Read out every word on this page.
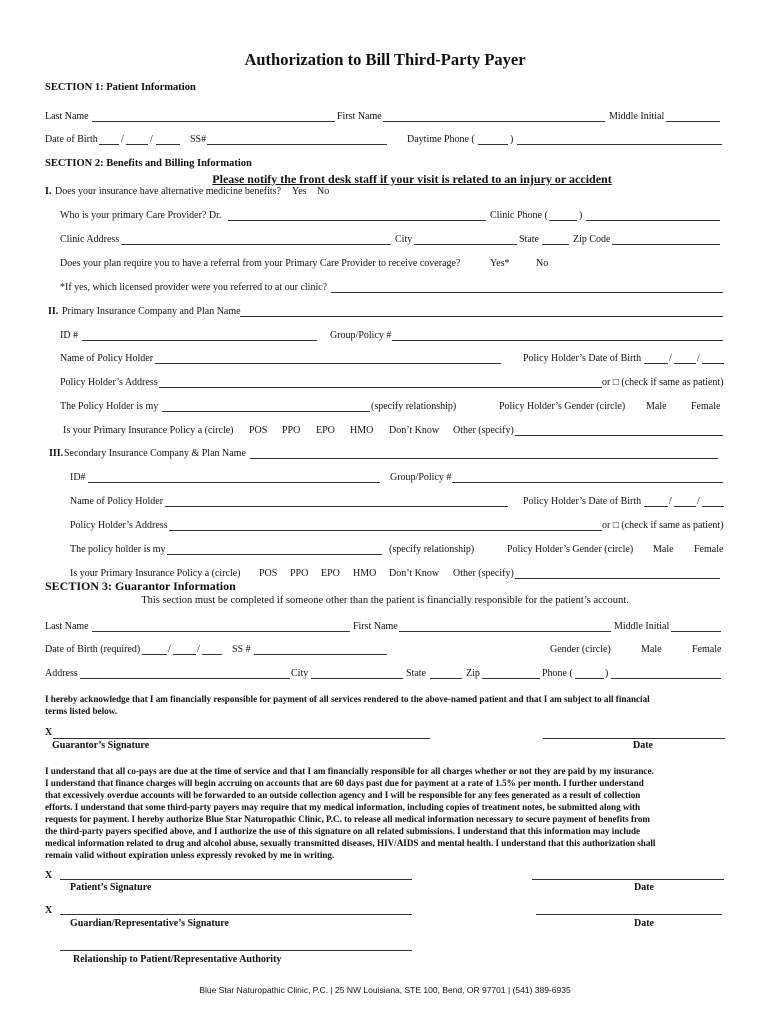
Authorization to Bill Third-Party Payer
SECTION 1: Patient Information
Last Name	First Name	Middle Initial
Date of Birth /	/	SS#	Daytime Phone (	)
SECTION 2: Benefits and Billing Information
Please notify the front desk staff if your visit is related to an injury or accident
I. Does your insurance have alternative medicine benefits? Yes No
Who is your primary Care Provider? Dr.	Clinic Phone (	)
Clinic Address	City	State	Zip Code
Does your plan require you to have a referral from your Primary Care Provider to receive coverage?	Yes*	No
*If yes, which licensed provider were you referred to at our clinic?
II. Primary Insurance Company and Plan Name
ID #	Group/Policy #
Name of Policy Holder	Policy Holder’s Date of Birth	/	/
Policy Holder’s Address	or □ (check if same as patient)
The Policy Holder is my	(specify relationship)	Policy Holder’s Gender (circle) Male Female
Is your Primary Insurance Policy a (circle) POS PPO EPO HMO Don’t Know Other (specify)
III. Secondary Insurance Company & Plan Name
ID#	Group/Policy #
Name of Policy Holder	Policy Holder’s Date of Birth	/	/
Policy Holder’s Address	or □ (check if same as patient)
The policy holder is my	(specify relationship)	Policy Holder’s Gender (circle) Male Female
Is your Primary Insurance Policy a (circle) POS PPO EPO HMO Don’t Know Other (specify)
SECTION 3: Guarantor Information
This section must be completed if someone other than the patient is financially responsible for the patient’s account.
Last Name	First Name	Middle Initial
Date of Birth (required)	/	/	SS #	Gender (circle)	Male	Female
Address	City	State	Zip	Phone (	)
I hereby acknowledge that I am financially responsible for payment of all services rendered to the above-named patient and that I am subject to all financial
terms listed below.
X
Guarantor’s Signature	Date
I understand that all co-pays are due at the time of service and that I am financially responsible for all charges whether or not they are paid by my insurance.
I understand that finance charges will begin accruing on accounts that are 60 days past due for payment at a rate of 1.5% per month. I further understand
that excessively overdue accounts will be forwarded to an outside collection agency and I will be responsible for any fees generated as a result of collection
efforts. I understand that some third-party payers may require that my medical information, including copies of treatment notes, be submitted along with
requests for payment. I hereby authorize Blue Star Naturopathic Clinic, P.C. to release all medical information necessary to secure payment of benefits from
the third-party payers specified above, and I authorize the use of this signature on all related submissions. I understand that this information may include
medical information related to drug and alcohol abuse, sexually transmitted diseases, HIV/AIDS and mental health. I understand that this authorization shall
remain valid without expiration unless expressly revoked by me in writing.
X
Patient’s Signature	Date
X
Guardian/Representative’s Signature	Date
Relationship to Patient/Representative Authority
Blue Star Naturopathic Clinic, P.C. | 25 NW Louisiana, STE 100, Bend, OR 97701 | (541) 389-6935
